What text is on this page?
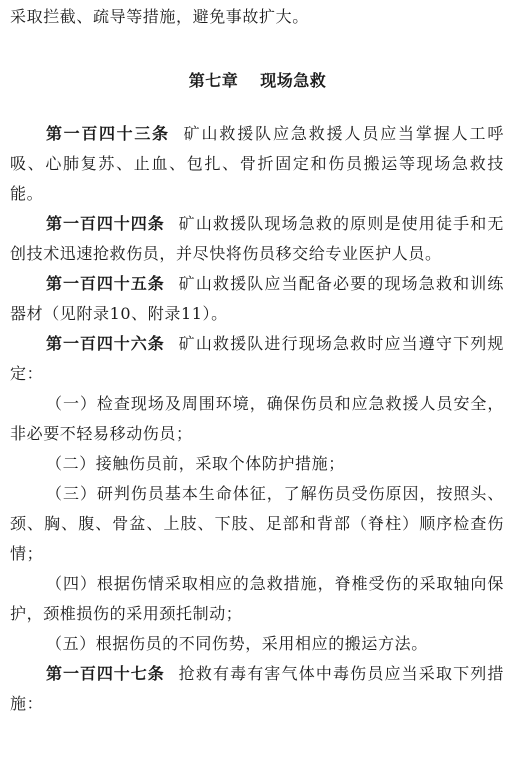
采取拦截、疏导等措施，避免事故扩大。

第七章 现场急救

第一百四十三条 矿山救援队应急救援人员应当掌握人工呼吸、心肺复苏、止血、包扎、骨折固定和伤员搬运等现场急救技能。

第一百四十四条 矿山救援队现场急救的原则是使用徒手和无创技术迅速抢救伤员，并尽快将伤员移交给专业医护人员。

第一百四十五条 矿山救援队应当配备必要的现场急救和训练器材（见附录10、附录11）。

第一百四十六条 矿山救援队进行现场急救时应当遵守下列规定：

（一）检查现场及周围环境，确保伤员和应急救援人员安全，非必要不轻易移动伤员；

（二）接触伤员前，采取个体防护措施；

（三）研判伤员基本生命体征，了解伤员受伤原因，按照头、颈、胸、腹、骨盆、上肢、下肢、足部和背部（脊柱）顺序检查伤情；

（四）根据伤情采取相应的急救措施，脊椎受伤的采取轴向保护，颈椎损伤的采用颈托制动；

（五）根据伤员的不同伤势，采用相应的搬运方法。

第一百四十七条 抢救有毒有害气体中毒伤员应当采取下列措施：
